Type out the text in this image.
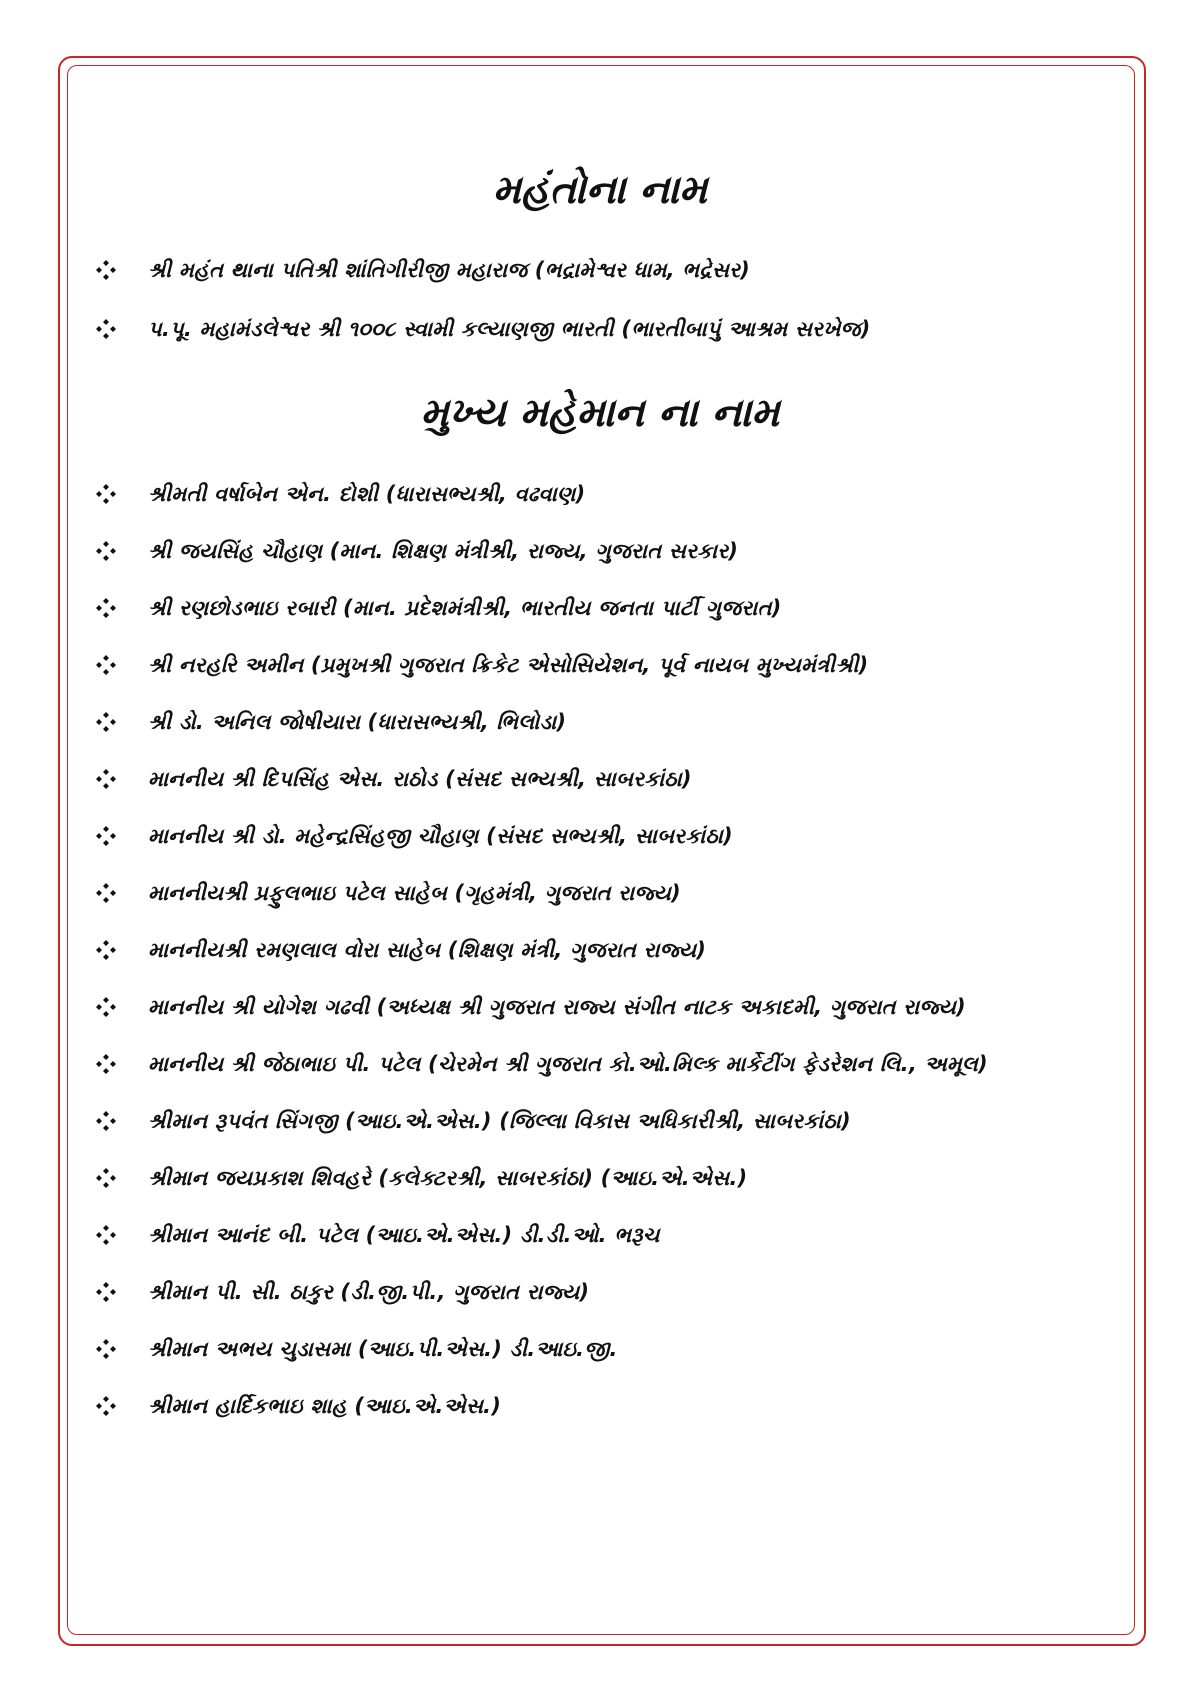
મહંતોના નામ
શ્રી મહંત થાના પતિશ્રી શાંતિગીરીજી મહારાજ (ભદ્રામેશ્વર ધામ, ભદ્રેસર)
પ.પૂ. મહામંડલેશ્વર શ્રી ૧૦૦૮ સ્વામી કલ્યાણજી ભારતી (ભારતીબાપુંં આશ્રમ સરખેજ)
મુખ્ય મહેમાન ના નામ
શ્રીમતી વર્ષાબેન એન. દોશી (ધારાસભ્યશ્રી, વઢવાણ)
શ્રી જયસિંહ ચૌહાણ (માન. શિક્ષણ મંત્રીશ્રી, રાજ્ય, ગુજરાત સરકાર)
શ્રી રણછોડભાઇ રબારી (માન. પ્રદેશમંત્રીશ્રી, ભારતીય જનતા પાર્ટી ગુજરાત)
શ્રી નરહરિ અમીન (પ્રમુખશ્રી ગુજરાત ક્રિકેટ એસોસિયેશન, પૂર્વ નાયબ મુખ્યમંત્રીશ્રી)
શ્રી ડો. અનિલ જોષીયારા (ધારાસભ્યશ્રી, ભિલોડા)
માનનીય શ્રી દિપસિંહ એસ. રાઠોડ (સંસદ સભ્યશ્રી, સાબરકાંઠા)
માનનીય શ્રી ડો. મહેન્દ્રસિંહજી ચૌહાણ (સંસદ સભ્યશ્રી, સાબરકાંઠા)
માનનીયશ્રી પ્રફુલભાઇ પટેલ સાહેબ (ગૃહમંત્રી, ગુજરાત રાજ્ય)
માનનીયશ્રી રમણલાલ વોરા સાહેબ (શિક્ષણ મંત્રી, ગુજરાત રાજ્ય)
માનનીય શ્રી યોગેશ ગઢવી (અધ્યક્ષ શ્રી ગુજરાત રાજ્ય સંગીત નાટક અકાદમી, ગુજરાત રાજ્ય)
માનનીય શ્રી જેઠાભાઇ પી. પટેલ (ચેરમેન શ્રી ગુજરાત કો.ઓ.મિલ્ક માર્કેટીંગ ફેડરેશન લિ., અમૂલ)
શ્રીમાન રૂપવંત સિંગજી (આઇ.એ.એસ.) (જિલ્લા વિકાસ અધિકારીશ્રી, સાબરકાંઠા)
શ્રીમાન જયપ્રકાશ શિવહરે (કલેક્ટરશ્રી, સાબરકાંઠા) (આઇ.એ.એસ.)
શ્રીમાન આનંદ બી. પટેલ (આઇ.એ.એસ.) ડી.ડી.ઓ. ભરૂચ
શ્રીમાન પી. સી. ઠાકુર (ડી.જી.પી., ગુજરાત રાજ્ય)
શ્રીમાન અભય ચુડાસમા (આઇ.પી.એસ.) ડી.આઇ.જી.
શ્રીમાન હાર્દિકભાઇ શાહ (આઇ.એ.એસ.)
